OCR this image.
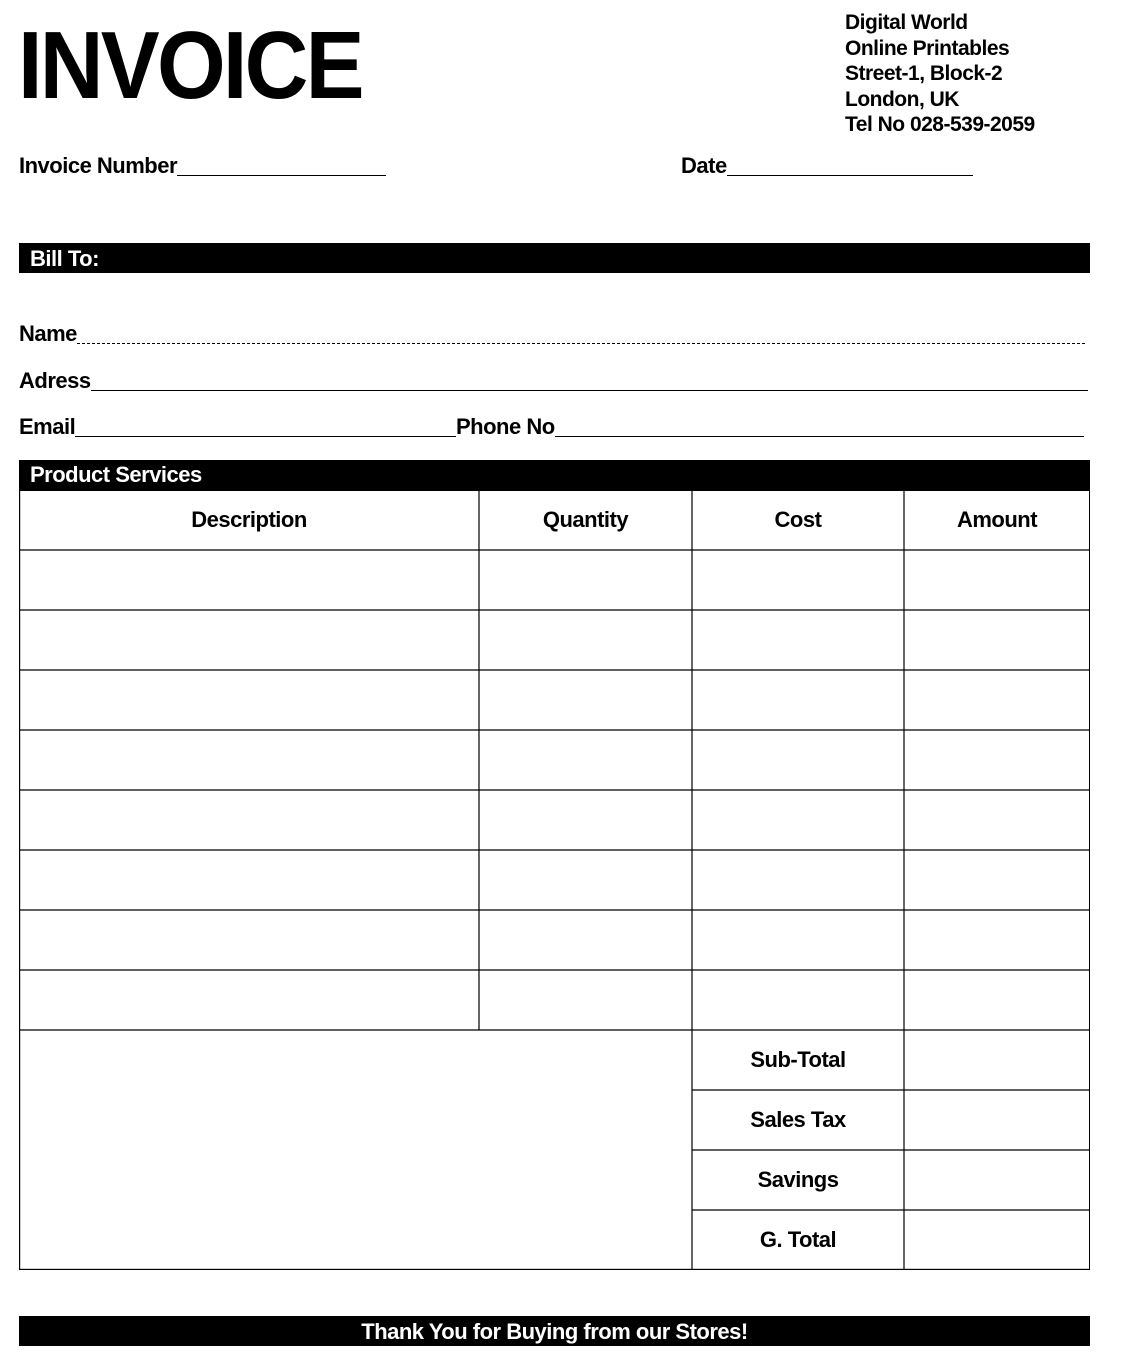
INVOICE	Digital World
Online Printables
Street-1, Block-2
London, UK
Tel No 028-539-2059
Invoice Number	Date
Bill To:
Name
Adress
Email	Phone No
Product Services
Description	Quantity	Cost	Amount
Sub-Total
Sales Tax
Savings
G. Total
Thank You for Buying from our Stores!
